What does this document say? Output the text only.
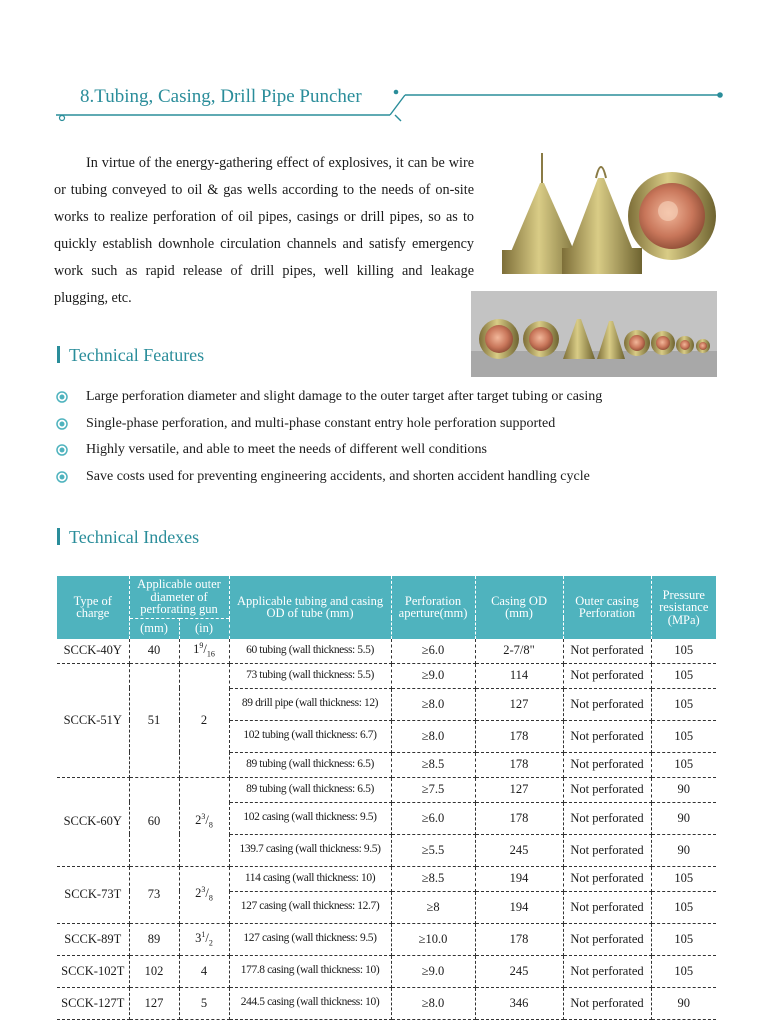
8.Tubing, Casing, Drill Pipe Puncher

In virtue of the energy-gathering effect of explosives, it can be wire or tubing conveyed to oil & gas wells according to the needs of on-site works to realize perforation of oil pipes, casings or drill pipes, so as to quickly establish downhole circulation channels and satisfy emergency work such as rapid release of drill pipes, well killing and leakage plugging, etc.

Technical Features
Large perforation diameter and slight damage to the outer target after target tubing or casing
Single-phase perforation, and multi-phase constant entry hole perforation supported
Highly versatile, and able to meet the needs of different well conditions
Save costs used for preventing engineering accidents, and shorten accident handling cycle
Technical Indexes
Type of charge	Applicable outer diameter of perforating gun		Applicable tubing and casing OD of tube (mm)	Perforation aperture(mm)	Casing OD (mm)	Outer casing Perforation	Pressure resistance (MPa)
	(mm)	(in)					
SCCK-40Y	40	$1^9/_{16}$	60 tubing (wall thickness: 5.5)	≥6.0	2-7/8"	Not perforated	105
SCCK-51Y	51	2	73 tubing (wall thickness: 5.5)	≥9.0	114	Not perforated	105
			89 drill pipe (wall thickness: 12)	≥8.0	127	Not perforated	105
			102 tubing (wall thickness: 6.7)	≥8.0	178	Not perforated	105
			89 tubing (wall thickness: 6.5)	≥8.5	178	Not perforated	105
SCCK-60Y	60	$2^3/_8$	89 tubing (wall thickness: 6.5)	≥7.5	127	Not perforated	90
			102 casing (wall thickness: 9.5)	≥6.0	178	Not perforated	90
			139.7 casing (wall thickness: 9.5)	≥5.5	245	Not perforated	90
SCCK-73T	73	$2^3/_8$	114 casing (wall thickness: 10)	≥8.5	194	Not perforated	105
			127 casing (wall thickness: 12.7)	≥8	194	Not perforated	105
SCCK-89T	89	$3^1/_2$	127 casing (wall thickness: 9.5)	≥10.0	178	Not perforated	105
SCCK-102T	102	4	177.8 casing (wall thickness: 10)	≥9.0	245	Not perforated	105
SCCK-127T	127	5	244.5 casing (wall thickness: 10)	≥8.0	346	Not perforated	90
